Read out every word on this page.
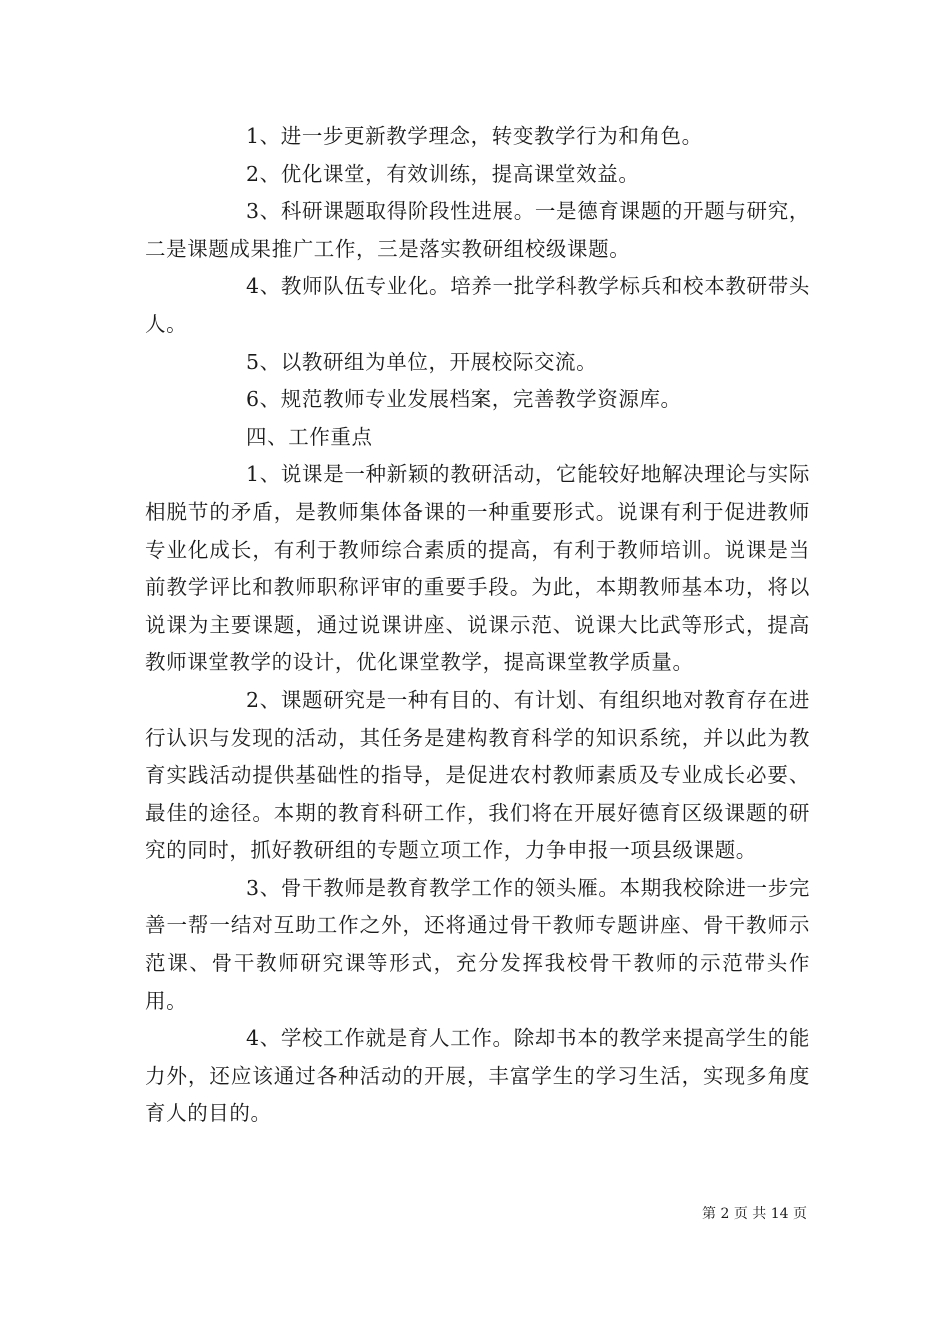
1、进一步更新教学理念，转变教学行为和角色。

2、优化课堂，有效训练，提高课堂效益。

3、科研课题取得阶段性进展。一是德育课题的开题与研究，二是课题成果推广工作，三是落实教研组校级课题。

4、教师队伍专业化。培养一批学科教学标兵和校本教研带头人。

5、以教研组为单位，开展校际交流。

6、规范教师专业发展档案，完善教学资源库。

四、工作重点

1、说课是一种新颖的教研活动，它能较好地解决理论与实际相脱节的矛盾，是教师集体备课的一种重要形式。说课有利于促进教师专业化成长，有利于教师综合素质的提高，有利于教师培训。说课是当前教学评比和教师职称评审的重要手段。为此，本期教师基本功，将以说课为主要课题，通过说课讲座、说课示范、说课大比武等形式，提高教师课堂教学的设计，优化课堂教学，提高课堂教学质量。

2、课题研究是一种有目的、有计划、有组织地对教育存在进行认识与发现的活动，其任务是建构教育科学的知识系统，并以此为教育实践活动提供基础性的指导，是促进农村教师素质及专业成长必要、最佳的途径。本期的教育科研工作，我们将在开展好德育区级课题的研究的同时，抓好教研组的专题立项工作，力争申报一项县级课题。

3、骨干教师是教育教学工作的领头雁。本期我校除进一步完善一帮一结对互助工作之外，还将通过骨干教师专题讲座、骨干教师示范课、骨干教师研究课等形式，充分发挥我校骨干教师的示范带头作用。

4、学校工作就是育人工作。除却书本的教学来提高学生的能力外，还应该通过各种活动的开展，丰富学生的学习生活，实现多角度育人的目的。

第 2 页 共 14 页
